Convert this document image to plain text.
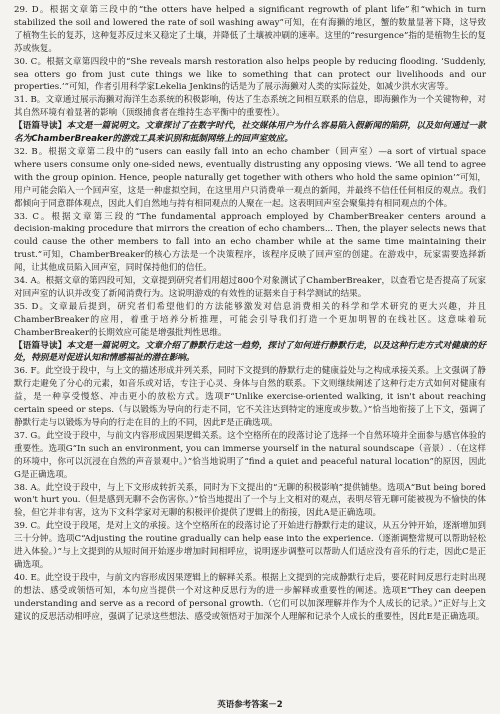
29. D。根据文章第三段中的“the otters have helped a significant regrowth of plant life”和“which in turn stabilized the soil and lowered the rate of soil washing away”可知，在有海獭的地区，蟹的数量显著下降，这导致了植物生长的复苏，这种复苏反过来又稳定了土壤，并降低了土壤被冲刷的速率。这里的“resurgence”指的是植物生长的复苏或恢复。

30. C。根据文章第四段中的“She reveals marsh restoration also helps people by reducing flooding. ‘Suddenly, sea otters go from just cute things we like to something that can protect our livelihoods and our properties.’”可知，作者引用科学家Lekelia Jenkins的话是为了展示海獭对人类的实际益处，如减少洪水灾害等。

31. B。文章通过展示海獭对海洋生态系统的积极影响，传达了生态系统之间相互联系的信息，即海獭作为一个关键物种，对其自然环境有着显著的影响（顶级捕食者在维持生态平衡中的重要性）。

【语篇导读】本文是一篇说明文。文章探讨了在数字时代，社交媒体用户为什么容易陷入假新闻的陷阱，以及如何通过一款名为ChamberBreaker的游戏工具来识别和抵制网络上的回声室效应。

32. B。根据文章第二段中的“users can easily fall into an echo chamber（回声室）—a sort of virtual space where users consume only one-sided news, eventually distrusting any opposing views. ‘We all tend to agree with the group opinion. Hence, people naturally get together with others who hold the same opinion’”可知，用户可能会陷入一个回声室，这是一种虚拟空间，在这里用户只消费单一观点的新闻，并最终不信任任何相反的观点。我们都倾向于同意群体观点，因此人们自然地与持有相同观点的人聚在一起。这表明回声室会聚集持有相同观点的个体。

33. C。根据文章第三段的“The fundamental approach employed by ChamberBreaker centers around a decision-making procedure that mirrors the creation of echo chambers... Then, the player selects news that could cause the other members to fall into an echo chamber while at the same time maintaining their trust.”可知，ChamberBreaker的核心方法是一个决策程序，该程序反映了回声室的创建。在游戏中，玩家需要选择新闻，让其他成员陷入回声室，同时保持他们的信任。

34. A。根据文章的第四段可知，文章提到研究者们用超过800个对象测试了ChamberBreaker，以查看它是否提高了玩家对回声室的认识并改变了新闻消费行为。这说明游戏的有效性的证据来自于科学测试的结果。

35. D。文章最后提到，研究者们希望他们的方法能够激发对信息消费相关的科学和学术研究的更大兴趣，并且ChamberBreaker的应用，着重于培养分析推理，可能会引导我们打造一个更加明智的在线社区。这意味着玩ChamberBreaker的长期效应可能是增强批判性思维。

【语篇导读】本文是一篇说明文。文章介绍了静默行走这一趋势，探讨了如何进行静默行走，以及这种行走方式对健康的好处，特别是对促进认知和情感福祉的潜在影响。

36. F。此空设于段中，与上文的描述形成并列关系，同时下文提到的静默行走的健康益处与之构成承接关系。上文强调了静默行走避免了分心的元素，如音乐或对话，专注于心灵、身体与自然的联系。下文则继续阐述了这种行走方式如何对健康有益，是一种享受慢悠、冲击更小的放松方式。选项F“Unlike exercise-oriented walking, it isn't about reaching certain speed or steps.（与以锻炼为导向的行走不同，它不关注达到特定的速度或步数。）”恰当地衔接了上下文，强调了静默行走与以锻炼为导向的行走在目的上的不同，因此F是正确选项。

37. G。此空设于段中，与前文内容形成因果逻辑关系。这个空格所在的段落讨论了选择一个自然环境并全面参与感官体验的重要性。选项G“In such an environment, you can immerse yourself in the natural soundscape（音景）.（在这样的环境中，你可以沉浸在自然的声音景观中。）”恰当地说明了“find a quiet and peaceful natural location”的原因，因此G是正确选项。

38. A。此空设于段中，与上下文形成转折关系，同时为下文提出的“无聊的积极影响”提供铺垫。选项A“But being bored won't hurt you.（但是感到无聊不会伤害你。）”恰当地提出了一个与上文相对的观点，表明尽管无聊可能被视为不愉快的体验，但它并非有害，这为下文科学家对无聊的积极评价提供了逻辑上的衔接，因此A是正确选项。

39. C。此空设于段尾，是对上文的承接。这个空格所在的段落讨论了开始进行静默行走的建议，从五分钟开始，逐渐增加到三十分钟。选项C“Adjusting the routine gradually can help ease into the experience.（逐渐调整常规可以帮助轻松进入体验。）”与上文提到的从短时间开始逐步增加时间相呼应，说明逐步调整可以帮助人们适应没有音乐的行走，因此C是正确选项。

40. E。此空设于段中，与前文内容形成因果逻辑上的解释关系。根据上文提到的完成静默行走后，要花时间反思行走时出现的想法、感受或领悟可知，本句应当提供一个对这种反思行为的进一步解释或重要性的阐述。选项E“They can deepen understanding and serve as a record of personal growth.（它们可以加深理解并作为个人成长的记录。）”正好与上文建议的反思活动相呼应，强调了记录这些想法、感受或领悟对于加深个人理解和记录个人成长的重要性，因此E是正确选项。

英语参考答案－2
